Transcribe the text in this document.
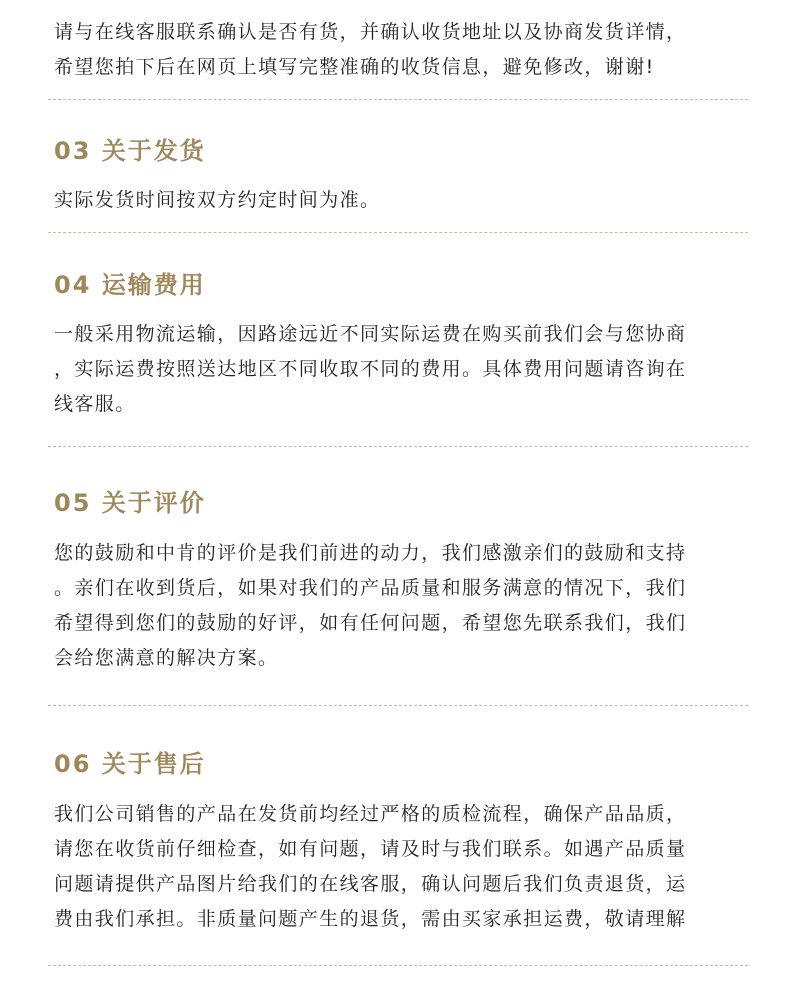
请与在线客服联系确认是否有货，并确认收货地址以及协商发货详情，
希望您拍下后在网页上填写完整准确的收货信息，避免修改，谢谢!

03 关于发货

实际发货时间按双方约定时间为准。

04 运输费用

一般采用物流运输，因路途远近不同实际运费在购买前我们会与您协商
，实际运费按照送达地区不同收取不同的费用。具体费用问题请咨询在
线客服。

05 关于评价

您的鼓励和中肯的评价是我们前进的动力，我们感激亲们的鼓励和支持
。亲们在收到货后，如果对我们的产品质量和服务满意的情况下，我们
希望得到您们的鼓励的好评，如有任何问题，希望您先联系我们，我们
会给您满意的解决方案。

06 关于售后

我们公司销售的产品在发货前均经过严格的质检流程，确保产品品质，
请您在收货前仔细检查，如有问题，请及时与我们联系。如遇产品质量
问题请提供产品图片给我们的在线客服，确认问题后我们负责退货，运
费由我们承担。非质量问题产生的退货，需由买家承担运费，敬请理解
